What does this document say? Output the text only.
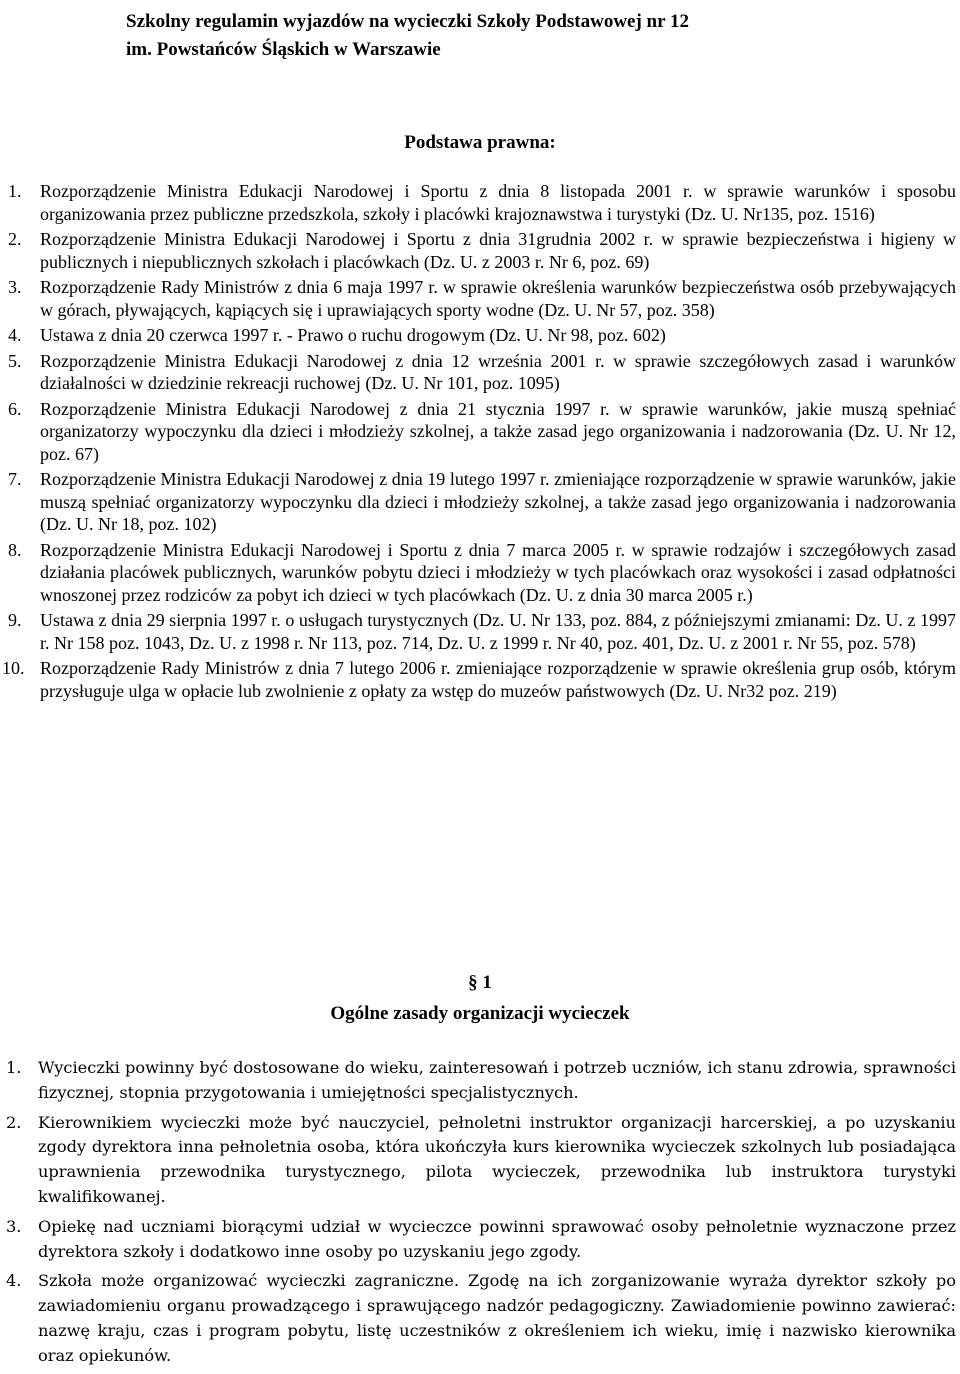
Szkolny regulamin wyjazdów na wycieczki Szkoły Podstawowej nr 12
im. Powstańców Śląskich w Warszawie
Podstawa prawna:
1.	Rozporządzenie Ministra Edukacji Narodowej i Sportu z dnia 8 listopada 2001 r. w sprawie warunków i sposobu organizowania przez publiczne przedszkola, szkoły i placówki krajoznawstwa i turystyki (Dz. U. Nr135, poz. 1516)
2.	Rozporządzenie Ministra Edukacji Narodowej i Sportu z dnia 31grudnia 2002 r. w sprawie bezpieczeństwa i higieny w publicznych i niepublicznych szkołach i placówkach (Dz. U. z 2003 r. Nr 6, poz. 69)
3.	Rozporządzenie Rady Ministrów z dnia 6 maja 1997 r. w sprawie określenia warunków bezpieczeństwa osób przebywających w górach, pływających, kąpiących się i uprawiających sporty wodne (Dz. U. Nr 57, poz. 358)
4.	Ustawa z dnia 20 czerwca 1997 r. - Prawo o ruchu drogowym (Dz. U. Nr 98, poz. 602)
5.	Rozporządzenie Ministra Edukacji Narodowej z dnia 12 września 2001 r. w sprawie szczegółowych zasad i warunków działalności w dziedzinie rekreacji ruchowej (Dz. U. Nr 101, poz. 1095)
6.	Rozporządzenie Ministra Edukacji Narodowej z dnia 21 stycznia 1997 r. w sprawie warunków, jakie muszą spełniać organizatorzy wypoczynku dla dzieci i młodzieży szkolnej, a także zasad jego organizowania i nadzorowania (Dz. U. Nr 12, poz. 67)
7.	Rozporządzenie Ministra Edukacji Narodowej z dnia 19 lutego 1997 r. zmieniające rozporządzenie w sprawie warunków, jakie muszą spełniać organizatorzy wypoczynku dla dzieci i młodzieży szkolnej, a także zasad jego organizowania i nadzorowania (Dz. U. Nr 18, poz. 102)
8.	Rozporządzenie Ministra Edukacji Narodowej i Sportu z dnia 7 marca 2005 r. w sprawie rodzajów i szczegółowych zasad działania placówek publicznych, warunków pobytu dzieci i młodzieży w tych placówkach oraz wysokości i zasad odpłatności wnoszonej przez rodziców za pobyt ich dzieci w tych placówkach (Dz. U. z dnia 30 marca 2005 r.)
9.	Ustawa z dnia 29 sierpnia 1997 r. o usługach turystycznych (Dz. U. Nr 133, poz. 884, z późniejszymi zmianami: Dz. U. z 1997 r. Nr 158 poz. 1043, Dz. U. z 1998 r. Nr 113, poz. 714, Dz. U. z 1999 r. Nr 40, poz. 401, Dz. U. z 2001 r. Nr 55, poz. 578)
10. Rozporządzenie Rady Ministrów z dnia 7 lutego 2006 r. zmieniające rozporządzenie w sprawie określenia grup osób, którym przysługuje ulga w opłacie lub zwolnienie z opłaty za wstęp do muzeów państwowych (Dz. U. Nr32 poz. 219)
§ 1
Ogólne zasady organizacji wycieczek
1. Wycieczki powinny być dostosowane do wieku, zainteresowań i potrzeb uczniów, ich stanu zdrowia, sprawności fizycznej, stopnia przygotowania i umiejętności specjalistycznych.
2. Kierownikiem wycieczki może być nauczyciel, pełnoletni instruktor organizacji harcerskiej, a po uzyskaniu zgody dyrektora inna pełnoletnia osoba, która ukończyła kurs kierownika wycieczek szkolnych lub posiadająca uprawnienia przewodnika turystycznego, pilota wycieczek, przewodnika lub instruktora turystyki kwalifikowanej.
3. Opiekę nad uczniami biorącymi udział w wycieczce powinni sprawować osoby pełnoletnie wyznaczone przez dyrektora szkoły i dodatkowo inne osoby po uzyskaniu jego zgody.
4. Szkoła może organizować wycieczki zagraniczne. Zgodę na ich zorganizowanie wyraża dyrektor szkoły po zawiadomieniu organu prowadzącego i sprawującego nadzór pedagogiczny. Zawiadomienie powinno zawierać: nazwę kraju, czas i program pobytu, listę uczestników z określeniem ich wieku, imię i nazwisko kierownika oraz opiekunów.
